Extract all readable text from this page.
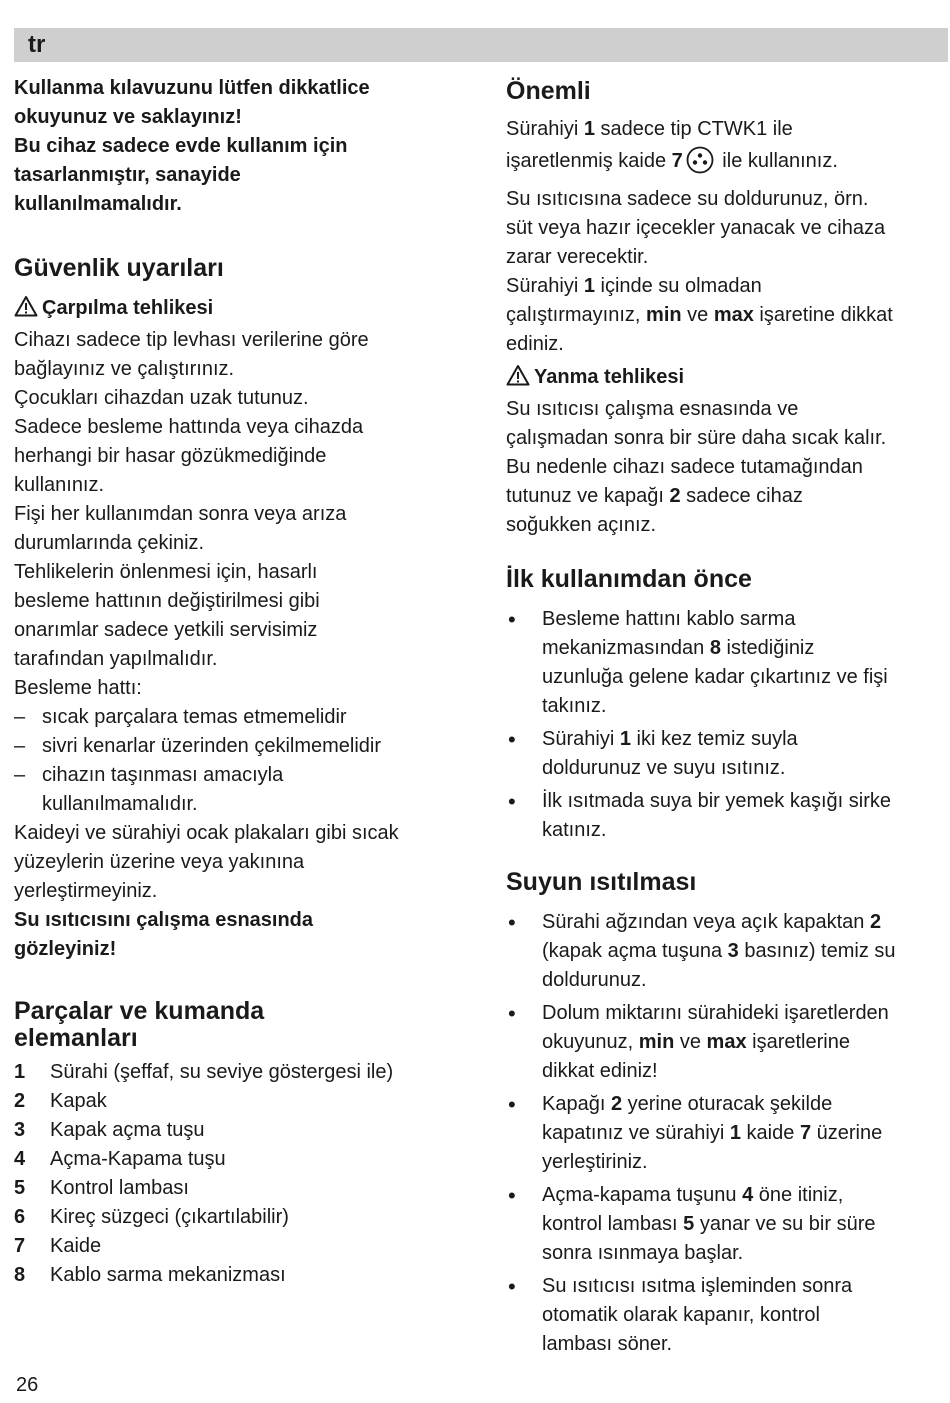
tr

Kullanma kılavuzunu lütfen dikkatlice

okuyunuz ve saklayınız!

Bu cihaz sadece evde kullanım için

tasarlanmıştır, sanayide

kullanılmamalıdır.

Güvenlik uyarıları
Çarpılma tehlikesi

Cihazı sadece tip levhası verilerine göre

bağlayınız ve çalıştırınız.

Çocukları cihazdan uzak tutunuz.

Sadece besleme hattında veya cihazda

herhangi bir hasar gözükmediğinde

kullanınız.

Fişi her kullanımdan sonra veya arıza

durumlarında çekiniz.

Tehlikelerin önlenmesi için, hasarlı

besleme hattının değiştirilmesi gibi

onarımlar sadece yetkili servisimiz

tarafından yapılmalıdır.

Besleme hattı:

– sıcak parçalara temas etmemelidir
– sivri kenarlar üzerinden çekilmemelidir
– cihazın taşınması amacıyla
kullanılmamalıdır.

Kaideyi ve sürahiyi ocak plakaları gibi sıcak

yüzeylerin üzerine veya yakınına

yerleştirmeyiniz.

Su ısıtıcısını çalışma esnasında

gözleyiniz!

Parçalar ve kumanda elemanları
1	Sürahi (şeffaf, su seviye göstergesi ile)
2	Kapak
3	Kapak açma tuşu
4	Açma-Kapama tuşu
5	Kontrol lambası
6	Kireç süzgeci (çıkartılabilir)
7	Kaide
8	Kablo sarma mekanizması
Önemli

Sürahiyi 1 sadece tip CTWK1 ile

işaretlenmiş kaide 7 ile kullanınız.

Su ısıtıcısına sadece su doldurunuz, örn.

süt veya hazır içecekler yanacak ve cihaza

zarar verecektir.

Sürahiyi 1 içinde su olmadan

çalıştırmayınız, min ve max işaretine dikkat

ediniz.

Yanma tehlikesi

Su ısıtıcısı çalışma esnasında ve

çalışmadan sonra bir süre daha sıcak kalır.

Bu nedenle cihazı sadece tutamağından

tutunuz ve kapağı 2 sadece cihaz

soğukken açınız.

İlk kullanımdan önce
• Besleme hattını kablo sarma
mekanizmasından 8 istediğiniz
uzunluğa gelene kadar çıkartınız ve fişi
takınız.
• Sürahiyi 1 iki kez temiz suyla
doldurunuz ve suyu ısıtınız.
• İlk ısıtmada suya bir yemek kaşığı sirke
katınız.
Suyun ısıtılması
• Sürahi ağzından veya açık kapaktan 2
(kapak açma tuşuna 3 basınız) temiz su
doldurunuz.
• Dolum miktarını sürahideki işaretlerden
okuyunuz, min ve max işaretlerine
dikkat ediniz!
• Kapağı 2 yerine oturacak şekilde
kapatınız ve sürahiyi 1 kaide 7 üzerine
yerleştiriniz.
• Açma-kapama tuşunu 4 öne itiniz,
kontrol lambası 5 yanar ve su bir süre
sonra ısınmaya başlar.
• Su ısıtıcısı ısıtma işleminden sonra
otomatik olarak kapanır, kontrol
lambası söner.
26
